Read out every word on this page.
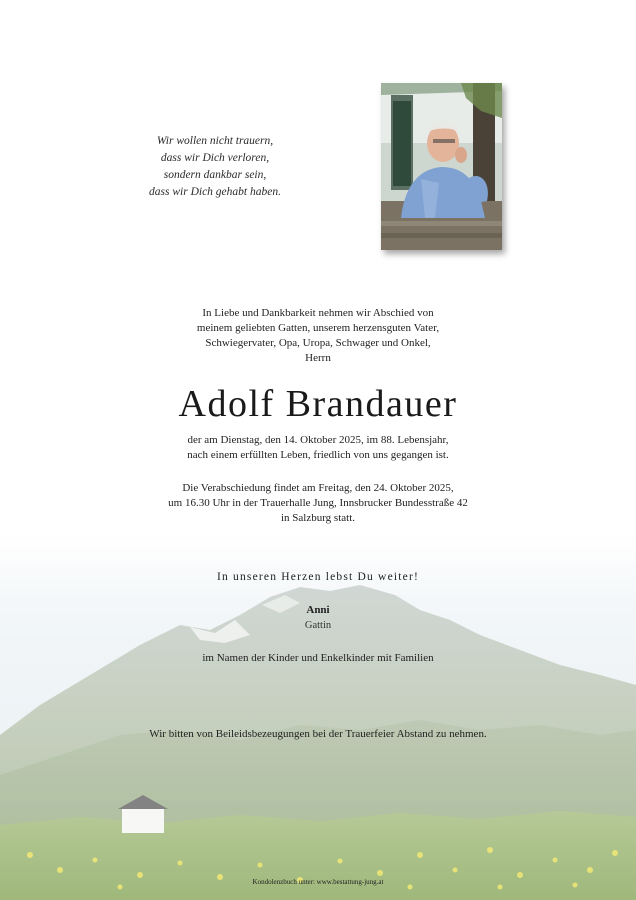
Wir wollen nicht trauern,
dass wir Dich verloren,
sondern dankbar sein,
dass wir Dich gehabt haben.
In Liebe und Dankbarkeit nehmen wir Abschied von
meinem geliebten Gatten, unserem herzensguten Vater,
Schwiegervater, Opa, Uropa, Schwager und Onkel,
Herrn
Adolf Brandauer
der am Dienstag, den 14. Oktober 2025, im 88. Lebensjahr,
nach einem erfüllten Leben, friedlich von uns gegangen ist.
Die Verabschiedung findet am Freitag, den 24. Oktober 2025,
um 16.30 Uhr in der Trauerhalle Jung, Innsbrucker Bundesstraße 42
in Salzburg statt.
In unseren Herzen lebst Du weiter!
Anni
Gattin
im Namen der Kinder und Enkelkinder mit Familien
Wir bitten von Beileidsbezeugungen bei der Trauerfeier Abstand zu nehmen.
Kondolenzbuch unter: www.bestattung-jung.at
